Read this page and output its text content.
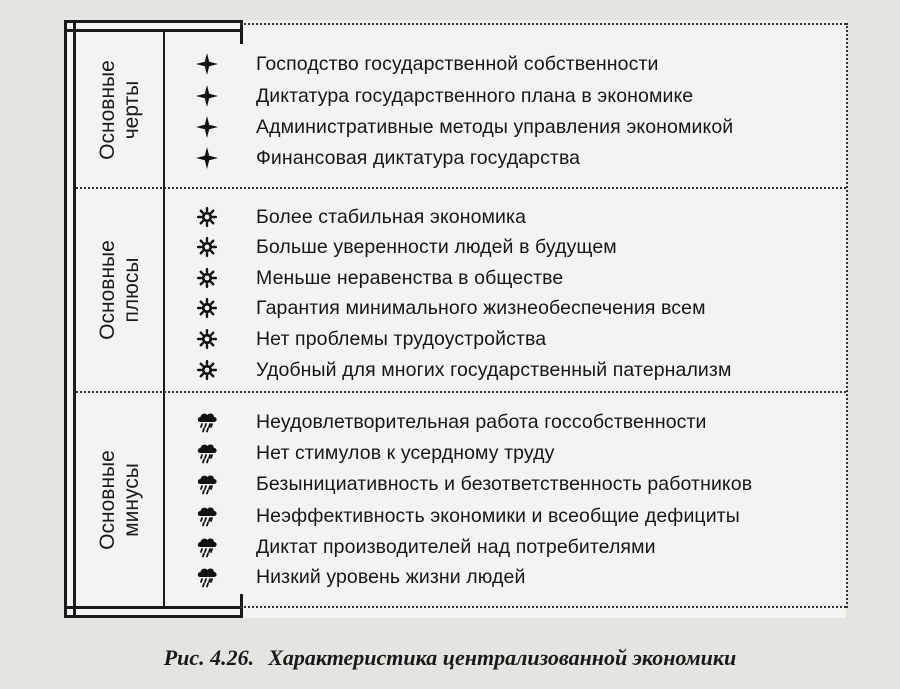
Основные черты
Основные плюсы
Основные минусы
Господство государственной собственности
Диктатура государственного плана в экономике
Административные методы управления экономикой
Финансовая диктатура государства
Более стабильная экономика
Больше уверенности людей в будущем
Меньше неравенства в обществе
Гарантия минимального жизнеобеспечения всем
Нет проблемы трудоустройства
Удобный для многих государственный патернализм
Неудовлетворительная работа госсобственности
Нет стимулов к усердному труду
Безынициативность и безответственность работников
Неэффективность экономики и всеобщие дефициты
Диктат производителей над потребителями
Низкий уровень жизни людей
Рис. 4.26. Характеристика централизованной экономики
